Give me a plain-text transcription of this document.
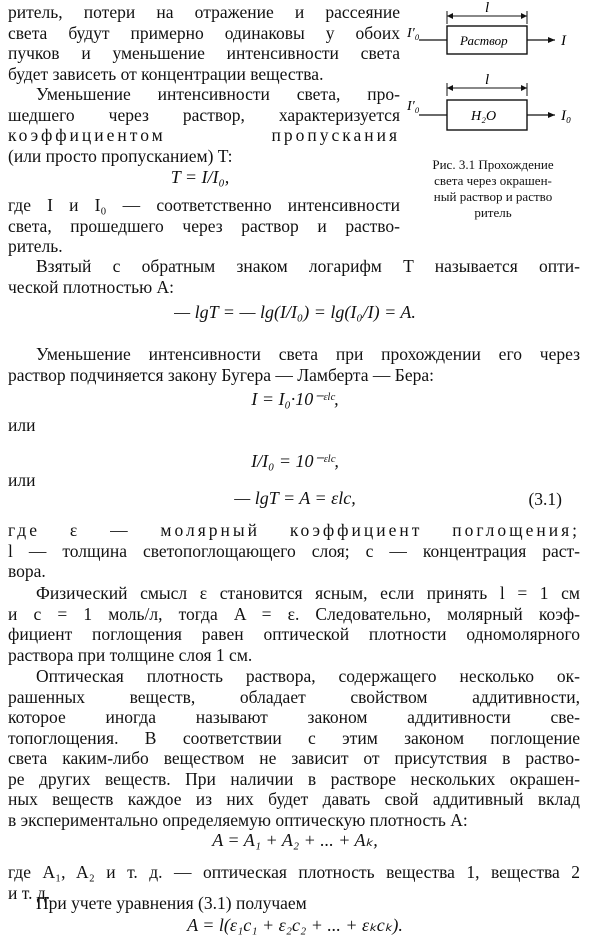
l
Раствор
I′₀	I
l
H₂O
I′₀
I₀
Рис. 3.1 Прохождение
света через окрашен-
ный раствор и раство
ритель
ритель, потери на отражение и рассеяние
света будут примерно одинаковы у обоих
пучков и уменьшение интенсивности света
будет зависеть от концентрации вещества.
Уменьшение интенсивности света, про-
шедшего через раствор, характеризуется
коэффициентом пропускания
(или просто пропусканием) T:
T = I/I₀,
где I и I₀ — соответственно интенсивности
света, прошедшего через раствор и раство-
ритель.
Взятый с обратным знаком логарифм T называется опти-
ческой плотностью A:
— lgT = — lg(I/I₀) = lg(I₀/I) = A.
Уменьшение интенсивности света при прохождении его через
раствор подчиняется закону Бугера — Ламберта — Бера:
I = I₀·10⁻ᵋˡᶜ,
или
I/I₀ = 10⁻ᵋˡᶜ,
или
— lgT = A = εlc,	(3.1)
где ε — молярный коэффициент поглощения;
l — толщина светопоглощающего слоя; c — концентрация раст-
вора.
Физический смысл ε становится ясным, если принять l = 1 см
и c = 1 моль/л, тогда A = ε. Следовательно, молярный коэф-
фициент поглощения равен оптической плотности одномолярного
раствора при толщине слоя 1 см.
Оптическая плотность раствора, содержащего несколько ок-
рашенных веществ, обладает свойством аддитивности,
которое иногда называют законом аддитивности све-
топоглощения. В соответствии с этим законом поглощение
света каким-либо веществом не зависит от присутствия в раство-
ре других веществ. При наличии в растворе нескольких окрашен-
ных веществ каждое из них будет давать свой аддитивный вклад
в экспериментально определяемую оптическую плотность A:
A = A₁ + A₂ + ... + Aₖ,
где A₁, A₂ и т. д. — оптическая плотность вещества 1, вещества 2
и т. д.
При учете уравнения (3.1) получаем
A = l(ε₁c₁ + ε₂c₂ + ... + εₖcₖ).
